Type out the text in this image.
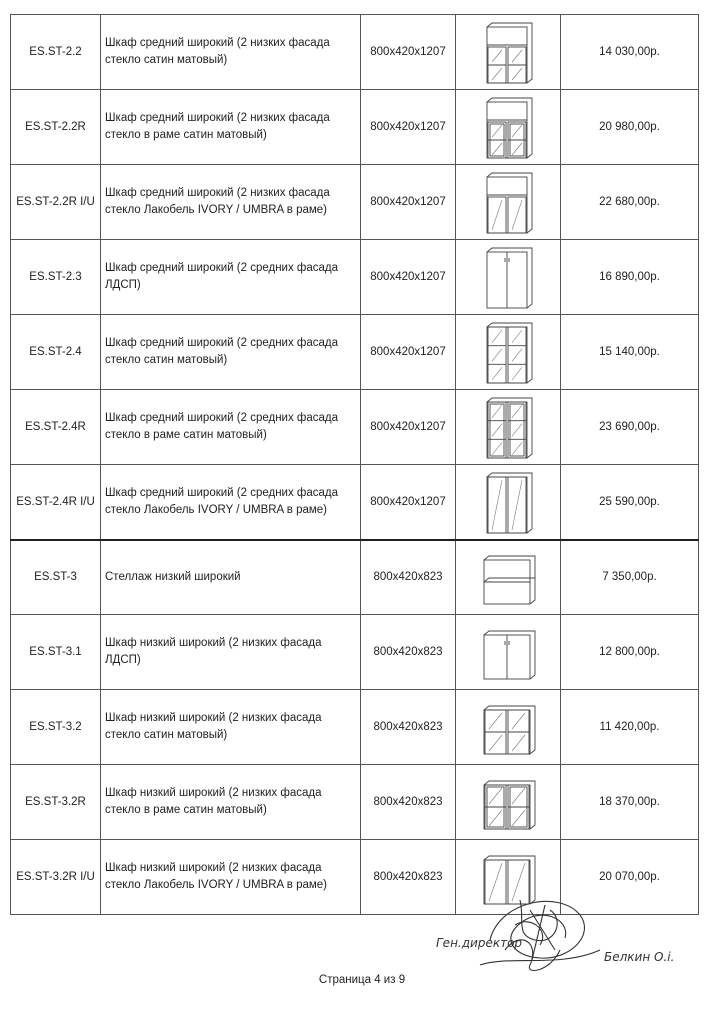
ES.ST-2.2	Шкаф средний широкий (2 низких фасада стекло сатин матовый)	800x420x1207		14 030,00р.
ES.ST-2.2R	Шкаф средний широкий (2 низких фасада стекло в раме сатин матовый)	800x420x1207		20 980,00р.
ES.ST-2.2R I/U	Шкаф средний широкий (2 низких фасада стекло Лакобель IVORY / UMBRA в раме)	800x420x1207		22 680,00р.
ES.ST-2.3	Шкаф средний широкий (2 средних фасада ЛДСП)	800x420x1207		16 890,00р.
ES.ST-2.4	Шкаф средний широкий (2 средних фасада стекло сатин матовый)	800x420x1207		15 140,00р.
ES.ST-2.4R	Шкаф средний широкий (2 средних фасада стекло в раме сатин матовый)	800x420x1207		23 690,00р.
ES.ST-2.4R I/U	Шкаф средний широкий (2 средних фасада стекло Лакобель IVORY / UMBRA в раме)	800x420x1207		25 590,00р.
ES.ST-3	Стеллаж низкий широкий	800x420x823		7 350,00р.
ES.ST-3.1	Шкаф низкий широкий (2 низких фасада ЛДСП)	800x420x823		12 800,00р.
ES.ST-3.2	Шкаф низкий широкий (2 низких фасада стекло сатин матовый)	800x420x823		11 420,00р.
ES.ST-3.2R	Шкаф низкий широкий (2 низких фасада стекло в раме сатин матовый)	800x420x823		18 370,00р.
ES.ST-3.2R I/U	Шкаф низкий широкий (2 низких фасада стекло Лакобель IVORY / UMBRA в раме)	800x420x823		20 070,00р.
Ген.директор
Белкин О.і.
Страница 4 из 9
